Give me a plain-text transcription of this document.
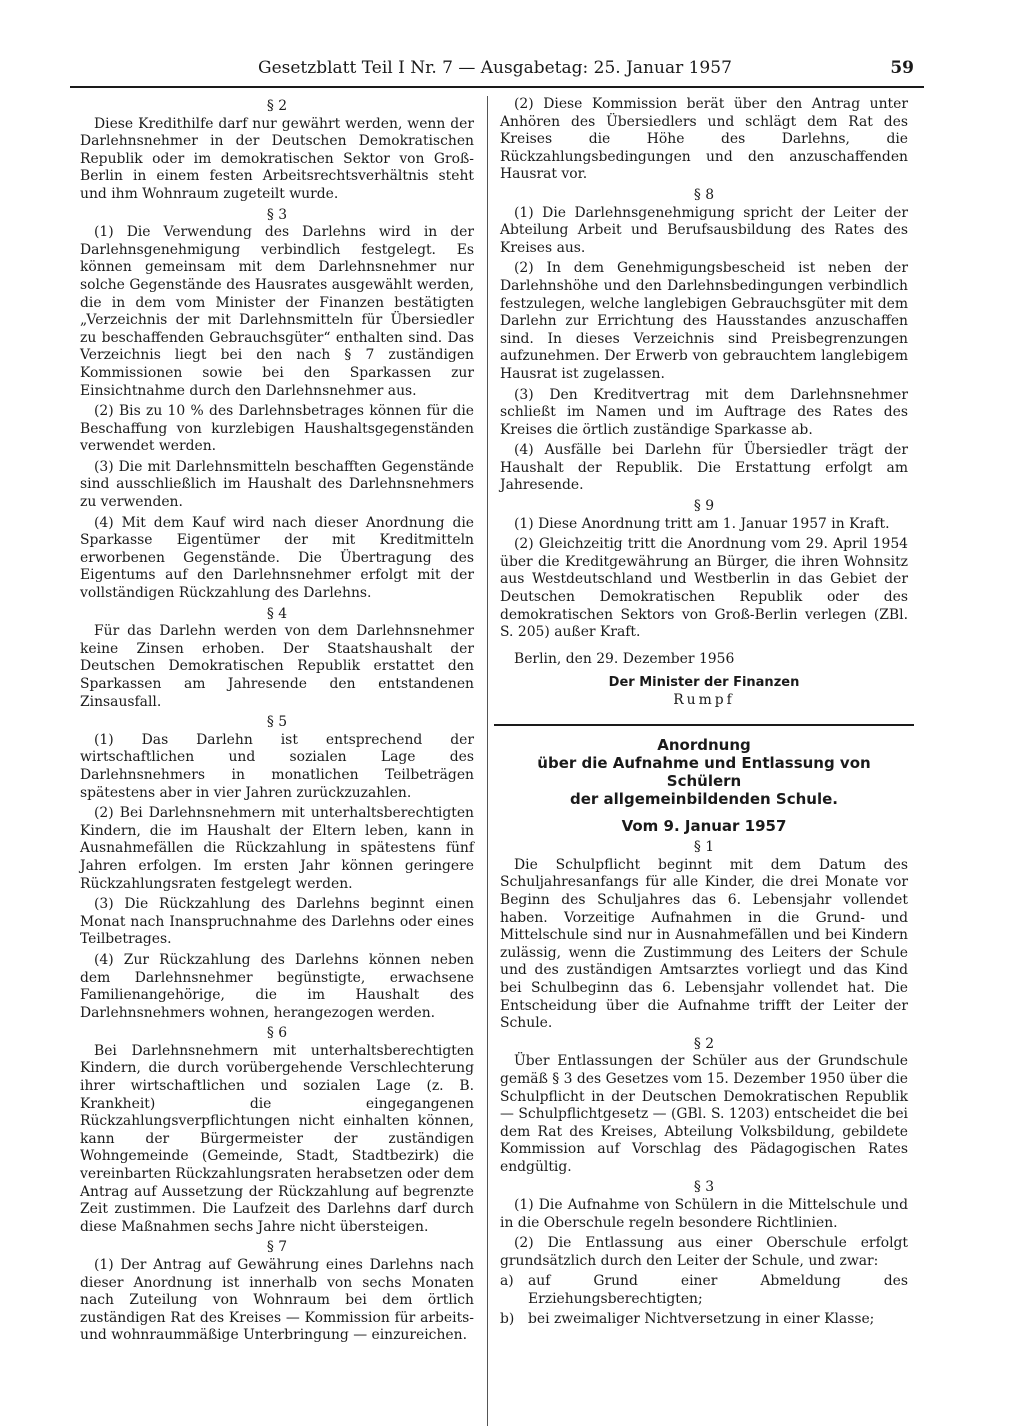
Gesetzblatt Teil I Nr. 7 — Ausgabetag: 25. Januar 1957	59
§ 2

Diese Kredithilfe darf nur gewährt werden, wenn der Darlehnsnehmer in der Deutschen Demokratischen Republik oder im demokratischen Sektor von Groß-Berlin in einem festen Arbeitsrechtsverhältnis steht und ihm Wohnraum zugeteilt wurde.

§ 3

(1) Die Verwendung des Darlehns wird in der Darlehnsgenehmigung verbindlich festgelegt. Es können gemeinsam mit dem Darlehnsnehmer nur solche Gegenstände des Hausrates ausgewählt werden, die in dem vom Minister der Finanzen bestätigten „Verzeichnis der mit Darlehnsmitteln für Übersiedler zu beschaffenden Gebrauchsgüter“ enthalten sind. Das Verzeichnis liegt bei den nach § 7 zuständigen Kommissionen sowie bei den Sparkassen zur Einsichtnahme durch den Darlehnsnehmer aus.

(2) Bis zu 10 % des Darlehnsbetrages können für die Beschaffung von kurzlebigen Haushaltsgegenständen verwendet werden.

(3) Die mit Darlehnsmitteln beschafften Gegenstände sind ausschließlich im Haushalt des Darlehnsnehmers zu verwenden.

(4) Mit dem Kauf wird nach dieser Anordnung die Sparkasse Eigentümer der mit Kreditmitteln erworbenen Gegenstände. Die Übertragung des Eigentums auf den Darlehnsnehmer erfolgt mit der vollständigen Rückzahlung des Darlehns.

§ 4

Für das Darlehn werden von dem Darlehnsnehmer keine Zinsen erhoben. Der Staatshaushalt der Deutschen Demokratischen Republik erstattet den Sparkassen am Jahresende den entstandenen Zinsausfall.

§ 5

(1) Das Darlehn ist entsprechend der wirtschaftlichen und sozialen Lage des Darlehnsnehmers in monatlichen Teilbeträgen spätestens aber in vier Jahren zurückzuzahlen.

(2) Bei Darlehnsnehmern mit unterhaltsberechtigten Kindern, die im Haushalt der Eltern leben, kann in Ausnahmefällen die Rückzahlung in spätestens fünf Jahren erfolgen. Im ersten Jahr können geringere Rückzahlungsraten festgelegt werden.

(3) Die Rückzahlung des Darlehns beginnt einen Monat nach Inanspruchnahme des Darlehns oder eines Teilbetrages.

(4) Zur Rückzahlung des Darlehns können neben dem Darlehnsnehmer begünstigte, erwachsene Familienangehörige, die im Haushalt des Darlehnsnehmers wohnen, herangezogen werden.

§ 6

Bei Darlehnsnehmern mit unterhaltsberechtigten Kindern, die durch vorübergehende Verschlechterung ihrer wirtschaftlichen und sozialen Lage (z. B. Krankheit) die eingegangenen Rückzahlungsverpflichtungen nicht einhalten können, kann der Bürgermeister der zuständigen Wohngemeinde (Gemeinde, Stadt, Stadtbezirk) die vereinbarten Rückzahlungsraten herabsetzen oder dem Antrag auf Aussetzung der Rückzahlung auf begrenzte Zeit zustimmen. Die Laufzeit des Darlehns darf durch diese Maßnahmen sechs Jahre nicht übersteigen.

§ 7

(1) Der Antrag auf Gewährung eines Darlehns nach dieser Anordnung ist innerhalb von sechs Monaten nach Zuteilung von Wohnraum bei dem örtlich zuständigen Rat des Kreises — Kommission für arbeits- und wohnraummäßige Unterbringung — einzureichen.

(2) Diese Kommission berät über den Antrag unter Anhören des Übersiedlers und schlägt dem Rat des Kreises die Höhe des Darlehns, die Rückzahlungsbedingungen und den anzuschaffenden Hausrat vor.

§ 8

(1) Die Darlehnsgenehmigung spricht der Leiter der Abteilung Arbeit und Berufsausbildung des Rates des Kreises aus.

(2) In dem Genehmigungsbescheid ist neben der Darlehnshöhe und den Darlehnsbedingungen verbindlich festzulegen, welche langlebigen Gebrauchsgüter mit dem Darlehn zur Errichtung des Hausstandes anzuschaffen sind. In dieses Verzeichnis sind Preisbegrenzungen aufzunehmen. Der Erwerb von gebrauchtem langlebigem Hausrat ist zugelassen.

(3) Den Kreditvertrag mit dem Darlehnsnehmer schließt im Namen und im Auftrage des Rates des Kreises die örtlich zuständige Sparkasse ab.

(4) Ausfälle bei Darlehn für Übersiedler trägt der Haushalt der Republik. Die Erstattung erfolgt am Jahresende.

§ 9

(1) Diese Anordnung tritt am 1. Januar 1957 in Kraft.

(2) Gleichzeitig tritt die Anordnung vom 29. April 1954 über die Kreditgewährung an Bürger, die ihren Wohnsitz aus Westdeutschland und Westberlin in das Gebiet der Deutschen Demokratischen Republik oder des demokratischen Sektors von Groß-Berlin verlegen (ZBl. S. 205) außer Kraft.

Berlin, den 29. Dezember 1956

Der Minister der Finanzen
Rumpf
Anordnung
über die Aufnahme und Entlassung von Schülern
der allgemeinbildenden Schule.
Vom 9. Januar 1957
§ 1

Die Schulpflicht beginnt mit dem Datum des Schuljahresanfangs für alle Kinder, die drei Monate vor Beginn des Schuljahres das 6. Lebensjahr vollendet haben. Vorzeitige Aufnahmen in die Grund- und Mittelschule sind nur in Ausnahmefällen und bei Kindern zulässig, wenn die Zustimmung des Leiters der Schule und des zuständigen Amtsarztes vorliegt und das Kind bei Schulbeginn das 6. Lebensjahr vollendet hat. Die Entscheidung über die Aufnahme trifft der Leiter der Schule.

§ 2

Über Entlassungen der Schüler aus der Grundschule gemäß § 3 des Gesetzes vom 15. Dezember 1950 über die Schulpflicht in der Deutschen Demokratischen Republik — Schulpflichtgesetz — (GBl. S. 1203) entscheidet die bei dem Rat des Kreises, Abteilung Volksbildung, gebildete Kommission auf Vorschlag des Pädagogischen Rates endgültig.

§ 3

(1) Die Aufnahme von Schülern in die Mittelschule und in die Oberschule regeln besondere Richtlinien.

(2) Die Entlassung aus einer Oberschule erfolgt grundsätzlich durch den Leiter der Schule, und zwar:

a)	auf Grund einer Abmeldung des Erziehungsberechtigten;
b) bei zweimaliger Nichtversetzung in einer Klasse;
